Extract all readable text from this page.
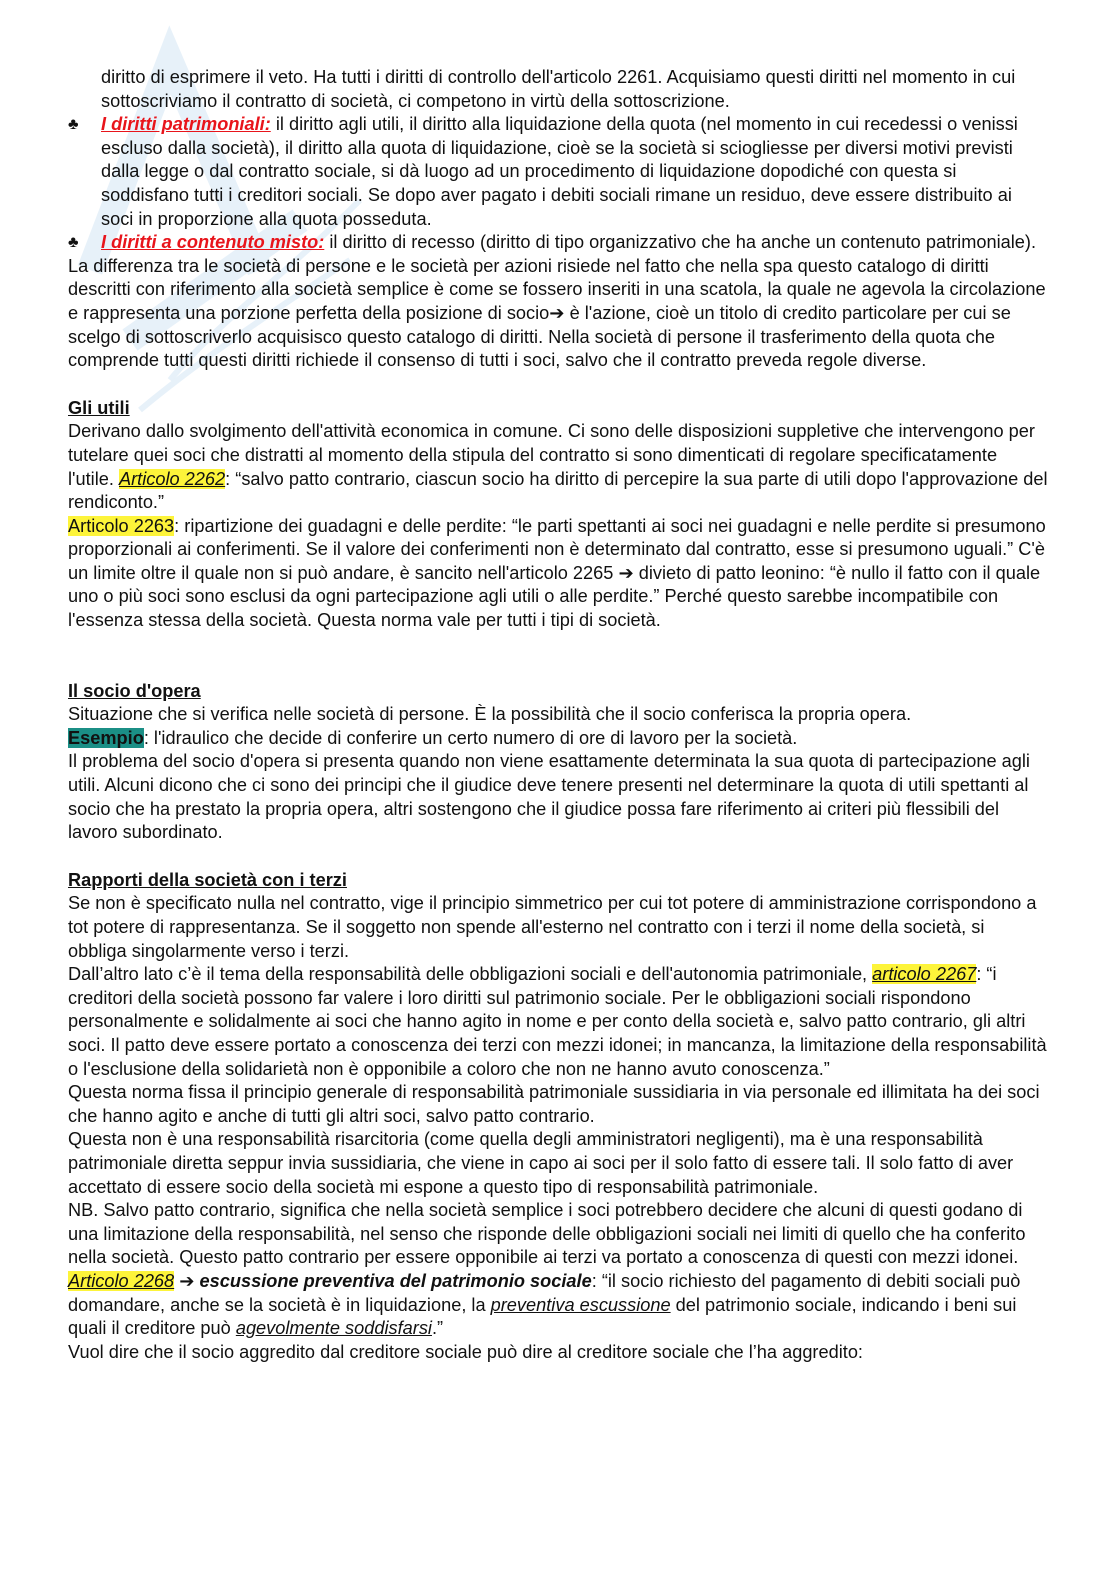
diritto di esprimere il veto. Ha tutti i diritti di controllo dell'articolo 2261. Acquisiamo questi diritti nel momento in cui sottoscriviamo il contratto di società, ci competono in virtù della sottoscrizione.

♣ I diritti patrimoniali: il diritto agli utili, il diritto alla liquidazione della quota (nel momento in cui recedessi o venissi escluso dalla società), il diritto alla quota di liquidazione, cioè se la società si sciogliesse per diversi motivi previsti dalla legge o dal contratto sociale, si dà luogo ad un procedimento di liquidazione dopodiché con questa si soddisfano tutti i creditori sociali. Se dopo aver pagato i debiti sociali rimane un residuo, deve essere distribuito ai soci in proporzione alla quota posseduta.
♣ I diritti a contenuto misto: il diritto di recesso (diritto di tipo organizzativo che ha anche un contenuto patrimoniale).

La differenza tra le società di persone e le società per azioni risiede nel fatto che nella spa questo catalogo di diritti descritti con riferimento alla società semplice è come se fossero inseriti in una scatola, la quale ne agevola la circolazione e rappresenta una porzione perfetta della posizione di socio➔ è l'azione, cioè un titolo di credito particolare per cui se scelgo di sottoscriverlo acquisisco questo catalogo di diritti. Nella società di persone il trasferimento della quota che comprende tutti questi diritti richiede il consenso di tutti i soci, salvo che il contratto preveda regole diverse.

Gli utili

Derivano dallo svolgimento dell'attività economica in comune. Ci sono delle disposizioni suppletive che intervengono per tutelare quei soci che distratti al momento della stipula del contratto si sono dimenticati di regolare specificatamente l'utile. Articolo 2262: “salvo patto contrario, ciascun socio ha diritto di percepire la sua parte di utili dopo l'approvazione del rendiconto.”

Articolo 2263: ripartizione dei guadagni e delle perdite: “le parti spettanti ai soci nei guadagni e nelle perdite si presumono proporzionali ai conferimenti. Se il valore dei conferimenti non è determinato dal contratto, esse si presumono uguali.” C'è un limite oltre il quale non si può andare, è sancito nell'articolo 2265 ➔ divieto di patto leonino: “è nullo il fatto con il quale uno o più soci sono esclusi da ogni partecipazione agli utili o alle perdite.” Perché questo sarebbe incompatibile con l'essenza stessa della società. Questa norma vale per tutti i tipi di società.

Il socio d'opera

Situazione che si verifica nelle società di persone. È la possibilità che il socio conferisca la propria opera.

Esempio: l'idraulico che decide di conferire un certo numero di ore di lavoro per la società.

Il problema del socio d'opera si presenta quando non viene esattamente determinata la sua quota di partecipazione agli utili. Alcuni dicono che ci sono dei principi che il giudice deve tenere presenti nel determinare la quota di utili spettanti al socio che ha prestato la propria opera, altri sostengono che il giudice possa fare riferimento ai criteri più flessibili del lavoro subordinato.

Rapporti della società con i terzi

Se non è specificato nulla nel contratto, vige il principio simmetrico per cui tot potere di amministrazione corrispondono a tot potere di rappresentanza. Se il soggetto non spende all'esterno nel contratto con i terzi il nome della società, si obbliga singolarmente verso i terzi.

Dall’altro lato c’è il tema della responsabilità delle obbligazioni sociali e dell'autonomia patrimoniale, articolo 2267: “i creditori della società possono far valere i loro diritti sul patrimonio sociale. Per le obbligazioni sociali rispondono personalmente e solidalmente ai soci che hanno agito in nome e per conto della società e, salvo patto contrario, gli altri soci. Il patto deve essere portato a conoscenza dei terzi con mezzi idonei; in mancanza, la limitazione della responsabilità o l'esclusione della solidarietà non è opponibile a coloro che non ne hanno avuto conoscenza.”

Questa norma fissa il principio generale di responsabilità patrimoniale sussidiaria in via personale ed illimitata ha dei soci che hanno agito e anche di tutti gli altri soci, salvo patto contrario.

Questa non è una responsabilità risarcitoria (come quella degli amministratori negligenti), ma è una responsabilità patrimoniale diretta seppur invia sussidiaria, che viene in capo ai soci per il solo fatto di essere tali. Il solo fatto di aver accettato di essere socio della società mi espone a questo tipo di responsabilità patrimoniale.

NB. Salvo patto contrario, significa che nella società semplice i soci potrebbero decidere che alcuni di questi godano di una limitazione della responsabilità, nel senso che risponde delle obbligazioni sociali nei limiti di quello che ha conferito nella società. Questo patto contrario per essere opponibile ai terzi va portato a conoscenza di questi con mezzi idonei.

Articolo 2268 ➔ escussione preventiva del patrimonio sociale: “il socio richiesto del pagamento di debiti sociali può domandare, anche se la società è in liquidazione, la preventiva escussione del patrimonio sociale, indicando i beni sui quali il creditore può agevolmente soddisfarsi.”

Vuol dire che il socio aggredito dal creditore sociale può dire al creditore sociale che l’ha aggredito:
